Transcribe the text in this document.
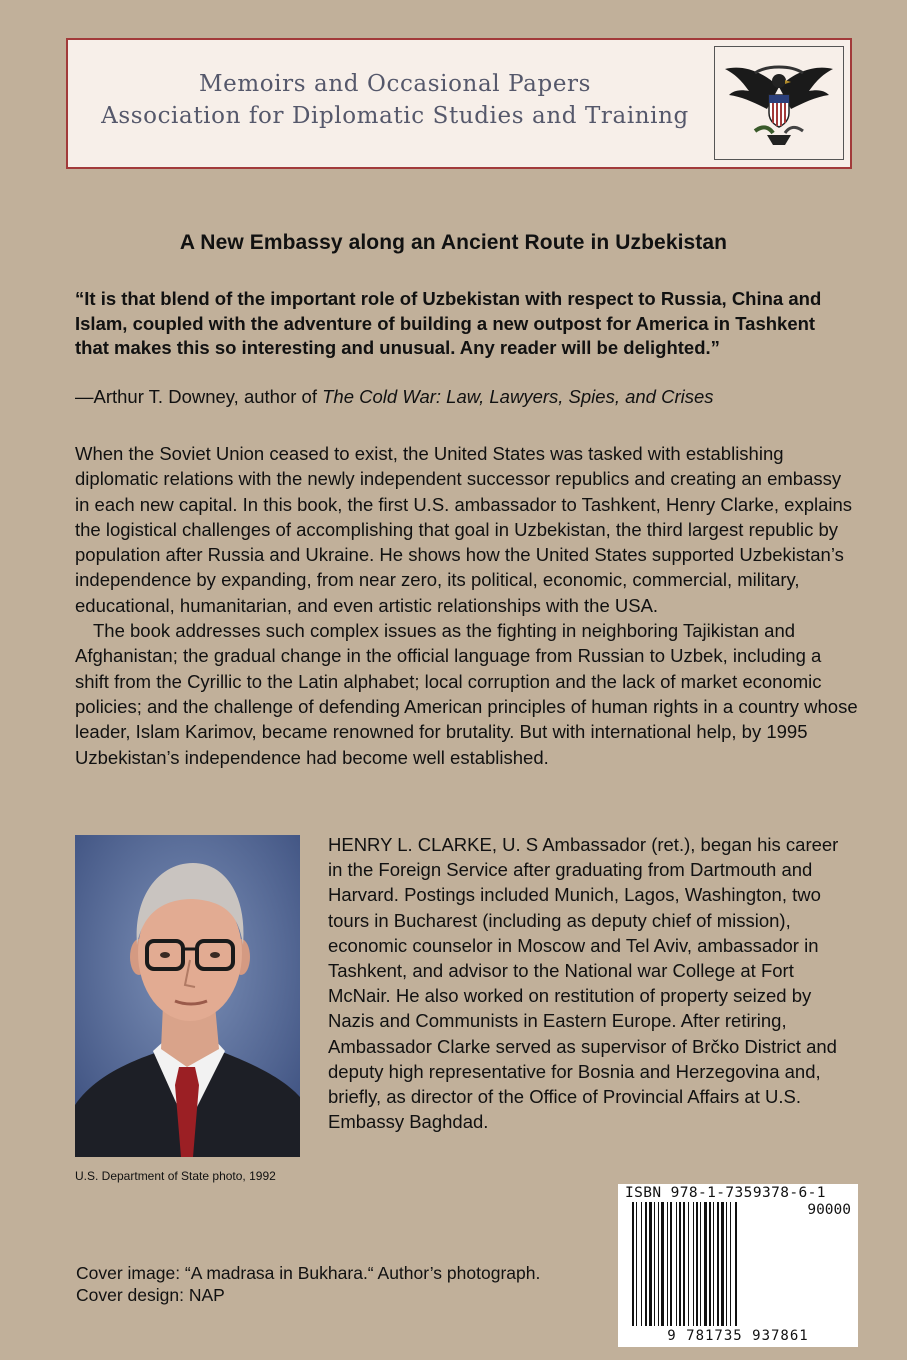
Memoirs and Occasional Papers
Association for Diplomatic Studies and Training
A New Embassy along an Ancient Route in Uzbekistan
“It is that blend of the important role of Uzbekistan with respect to Russia, China and Islam, coupled with the adventure of building a new outpost for America in Tashkent that makes this so interesting and unusual. Any reader will be delighted.”
—Arthur T. Downey, author of The Cold War: Law, Lawyers, Spies, and Crises

When the Soviet Union ceased to exist, the United States was tasked with establishing diplomatic relations with the newly independent successor republics and creating an embassy in each new capital. In this book, the first U.S. ambassador to Tashkent, Henry Clarke, explains the logistical challenges of accomplishing that goal in Uzbekistan, the third largest republic by population after Russia and Ukraine. He shows how the United States supported Uzbekistan’s independence by expanding, from near zero, its political, economic, commercial, military, educational, humanitarian, and even artistic relationships with the USA.

The book addresses such complex issues as the fighting in neighboring Tajikistan and Afghanistan; the gradual change in the official language from Russian to Uzbek, including a shift from the Cyrillic to the Latin alphabet; local corruption and the lack of market economic policies; and the challenge of defending American principles of human rights in a country whose leader, Islam Karimov, became renowned for brutality. But with international help, by 1995 Uzbekistan’s independence had become well established.

U.S. Department of State photo, 1992
HENRY L. CLARKE, U. S Ambassador (ret.), began his career in the Foreign Service after graduating from Dartmouth and Harvard. Postings included Munich, Lagos, Washington, two tours in Bucharest (including as deputy chief of mission), economic counselor in Moscow and Tel Aviv, ambassador in Tashkent, and advisor to the National war College at Fort McNair. He also worked on restitution of property seized by Nazis and Communists in Eastern Europe. After retiring, Ambassador Clarke served as supervisor of Brčko District and deputy high representative for Bosnia and Herzegovina and, briefly, as director of the Office of Provincial Affairs at U.S. Embassy Baghdad.
Cover image: “A madrasa in Bukhara.“ Author’s photograph.
Cover design: NAP
ISBN 978-1-7359378-6-1
90000
9 781735 937861
